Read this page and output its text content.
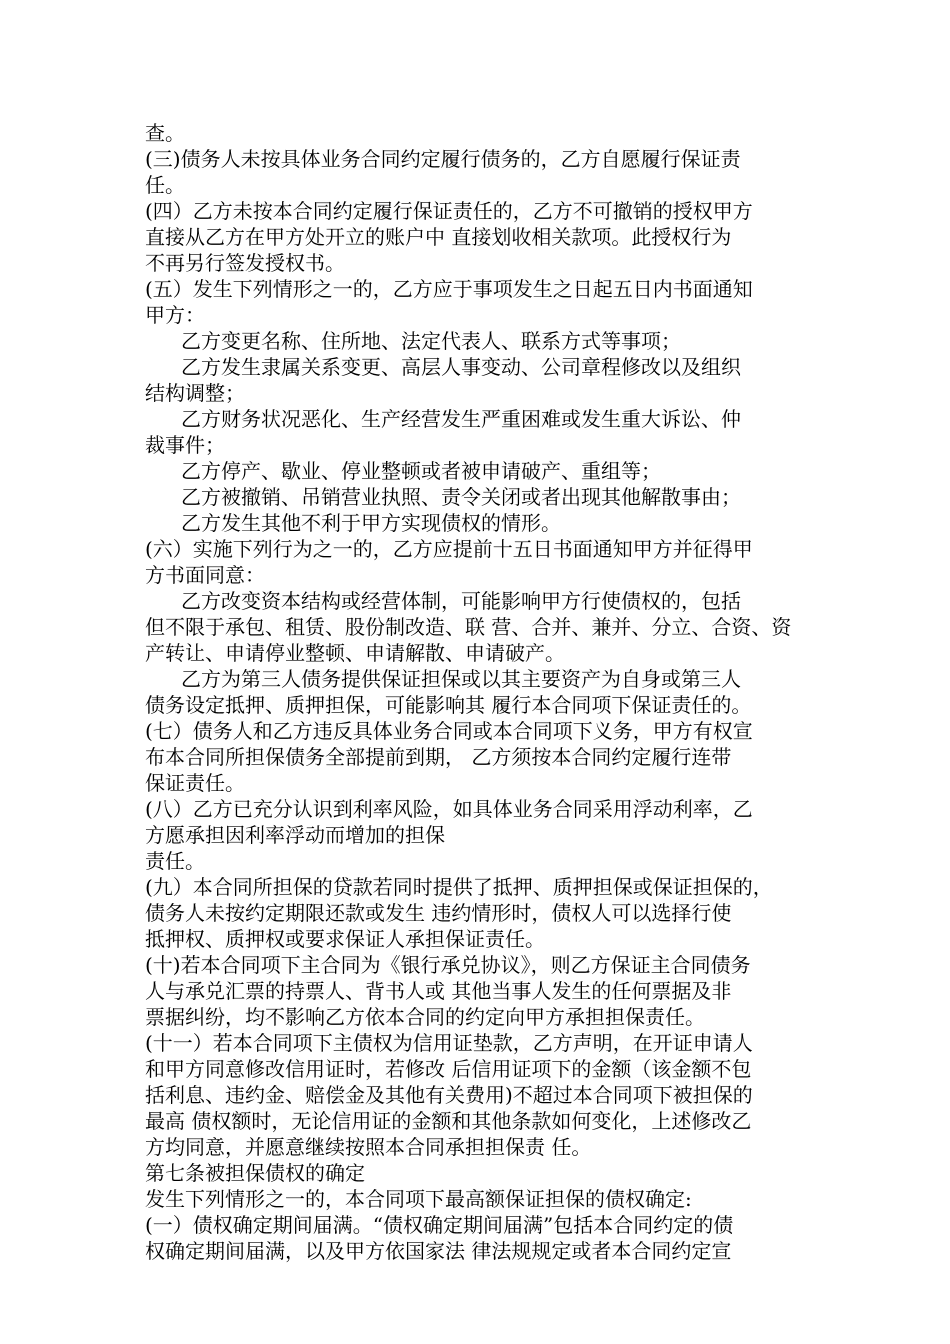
查。
(三)债务人未按具体业务合同约定履行债务的，乙方自愿履行保证责
任。
(四）乙方未按本合同约定履行保证责任的，乙方不可撤销的授权甲方
直接从乙方在甲方处开立的账户中 直接划收相关款项。此授权行为
不再另行签发授权书。
(五）发生下列情形之一的，乙方应于事项发生之日起五日内书面通知
甲方：
乙方变更名称、住所地、法定代表人、联系方式等事项；
乙方发生隶属关系变更、高层人事变动、公司章程修改以及组织
结构调整；
乙方财务状况恶化、生产经营发生严重困难或发生重大诉讼、仲
裁事件；
乙方停产、歇业、停业整顿或者被申请破产、重组等；
乙方被撤销、吊销营业执照、责令关闭或者出现其他解散事由；
乙方发生其他不利于甲方实现债权的情形。
(六）实施下列行为之一的，乙方应提前十五日书面通知甲方并征得甲
方书面同意：
乙方改变资本结构或经营体制，可能影响甲方行使债权的，包括
但不限于承包、租赁、股份制改造、联 营、合并、兼并、分立、合资、资
产转让、申请停业整顿、申请解散、申请破产。
乙方为第三人债务提供保证担保或以其主要资产为自身或第三人
债务设定抵押、质押担保，可能影响其 履行本合同项下保证责任的。
(七）债务人和乙方违反具体业务合同或本合同项下义务，甲方有权宣
布本合同所担保债务全部提前到期， 乙方须按本合同约定履行连带
保证责任。
(八）乙方已充分认识到利率风险，如具体业务合同采用浮动利率，乙
方愿承担因利率浮动而增加的担保
责任。
(九）本合同所担保的贷款若同时提供了抵押、质押担保或保证担保的，
债务人未按约定期限还款或发生 违约情形时，债权人可以选择行使
抵押权、质押权或要求保证人承担保证责任。
(十)若本合同项下主合同为《银行承兑协议》，则乙方保证主合同债务
人与承兑汇票的持票人、背书人或 其他当事人发生的任何票据及非
票据纠纷，均不影响乙方依本合同的约定向甲方承担担保责任。
(十一）若本合同项下主债权为信用证垫款，乙方声明，在开证申请人
和甲方同意修改信用证时，若修改 后信用证项下的金额（该金额不包
括利息、违约金、赔偿金及其他有关费用)不超过本合同项下被担保的
最高 债权额时，无论信用证的金额和其他条款如何变化，上述修改乙
方均同意，并愿意继续按照本合同承担担保责 任。
第七条被担保债权的确定
发生下列情形之一的，本合同项下最高额保证担保的债权确定:
(一）债权确定期间届满。“债权确定期间届满”包括本合同约定的债
权确定期间届满，以及甲方依国家法 律法规规定或者本合同约定宣
